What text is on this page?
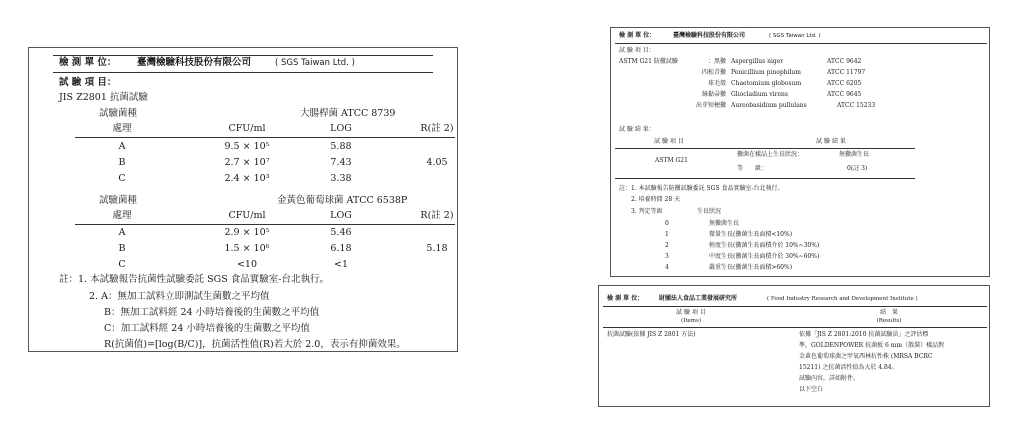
檢 測 單 位： 臺灣檢驗科技股份有限公司	( SGS Taiwan Ltd. )
試 驗 項 目：
JIS Z2801 抗菌試驗
試驗菌種	大腸桿菌 ATCC 8739
處理	CFU/ml	LOG	R(註 2)
A	9.5 × 10⁵	5.88
B	2.7 × 10⁷	7.43	4.05
C	2.4 × 10³	3.38
試驗菌種	金黃色葡萄球菌 ATCC 6538P
處理	CFU/ml	LOG	R(註 2)
A	2.9 × 10⁵	5.46
B	1.5 × 10⁶	6.18	5.18
C	<10	<1
註：1. 本試驗報告抗菌性試驗委託 SGS 食品實驗室-台北執行。
2. A：無加工試料立即測試生菌數之平均值
B：無加工試料經 24 小時培養後的生菌數之平均值
C：加工試料經 24 小時培養後的生菌數之平均值
R(抗菌值)=[log(B/C)]，抗菌活性值(R)若大於 2.0，表示有抑菌效果。
檢 測 單 位：	臺灣檢驗科技股份有限公司	( SGS Taiwan Ltd. )
試 驗 項 目：
ASTM G21 防黴試驗	：黑黴 Aspergillus niger	ATCC 9642
四松青黴 Penicillium pinophilum	ATCC 11797
球毛殼 Chaetomium globosum	ATCC 6205
綠黏帚黴 Gliocladium virens	ATCC 9645
出芽短梗黴 Aureobasidium pullulans	ATCC 15233
試 驗 結 果：
試 驗 項 目	試 驗 結 果
ASTM G21
黴菌在樣品上生長狀況：	無黴菌生長
等　　級：	0(註 3)
註：1. 本試驗報告防黴試驗委託 SGS 食品實驗室-台北執行。
2. 培養時間 28 天
3. 判定等級	生長狀況
0	無黴菌生長
1	微量生長(黴菌生長面積<10%)
2	輕度生長(黴菌生長面積介於 10%~30%)
3	中度生長(黴菌生長面積介於 30%~60%)
4	嚴重生長(黴菌生長面積>60%)
檢 測 單 位：	財團法人食品工業發展研究所	( Food Industry Research and Development Institute )
試 驗 項 目
(Items)
結　果
(Results)
抗菌試驗(依據 JIS Z 2801 方法)	依據「JIS Z 2801:2010 抗菌試驗法」之評估標
準，GOLDENPOWER 抗菌板 6 mm（散裝）樣品對
金黃色葡萄球菌之甲氧西林抗性株 (MRSA BCRC
15211) 之抗菌活性值為大於 4.84。
試驗內容，詳如附件。
以下空白
